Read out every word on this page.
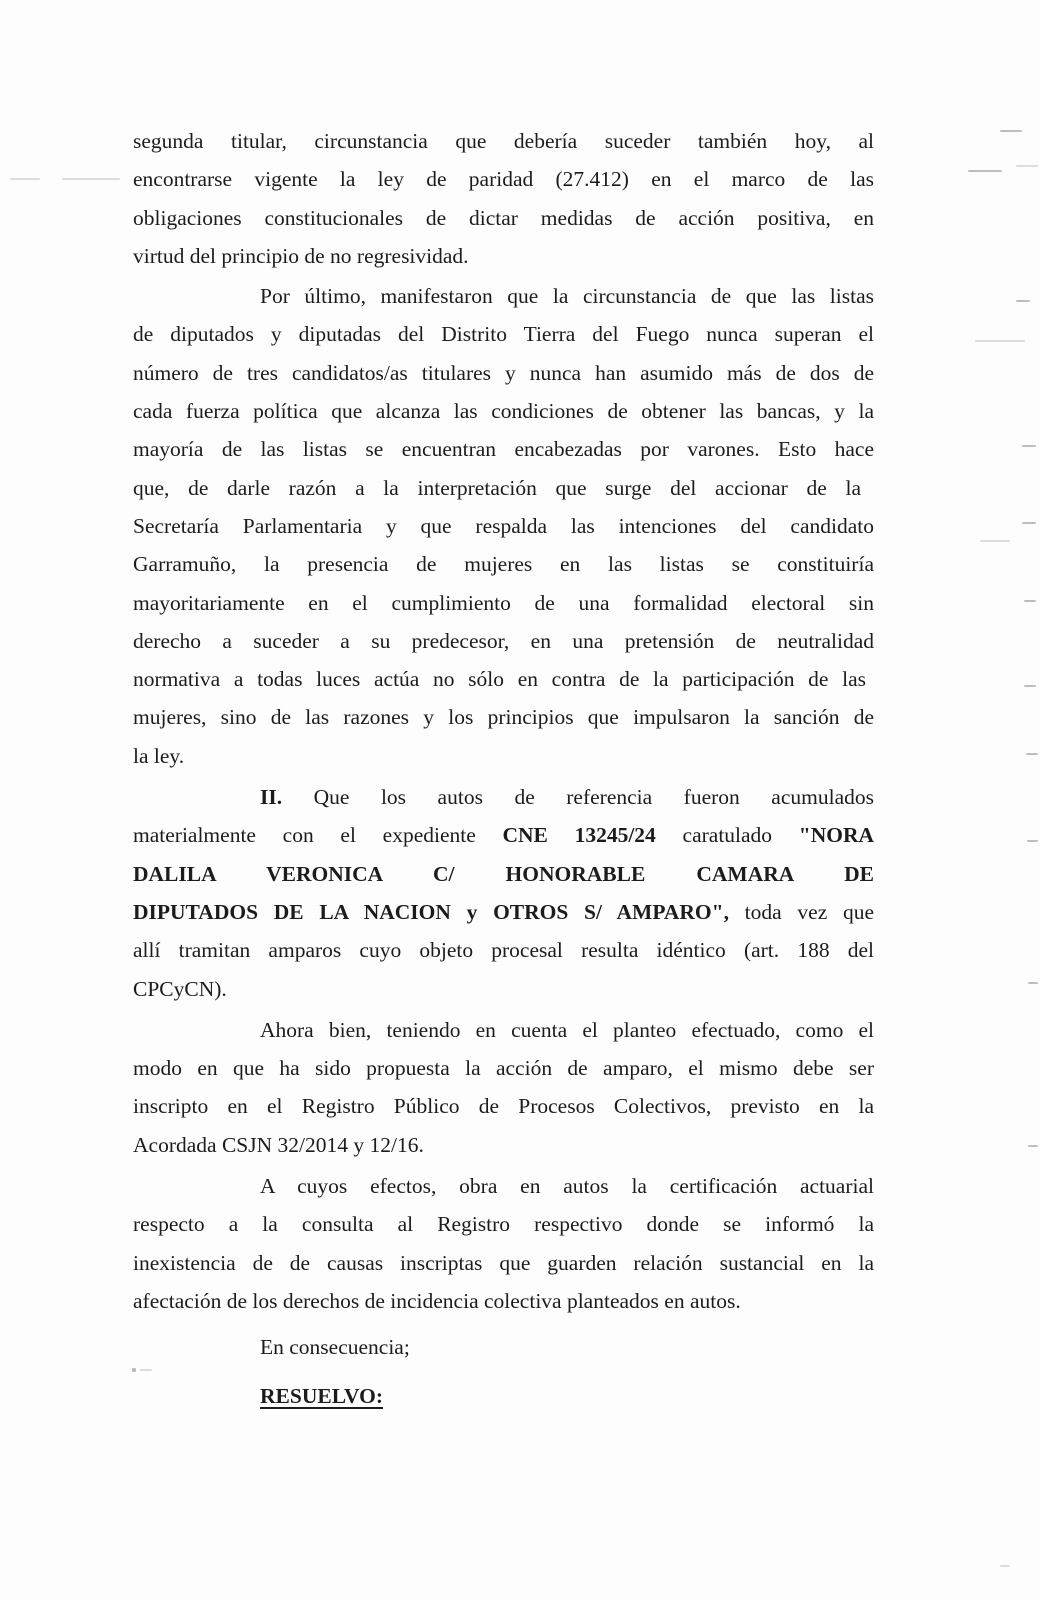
segunda titular, circunstancia que debería suceder también hoy, al
encontrarse vigente la ley de paridad (27.412) en el marco de las
obligaciones constitucionales de dictar medidas de acción positiva, en
virtud del principio de no regresividad.
Por último, manifestaron que la circunstancia de que las listas
de diputados y diputadas del Distrito Tierra del Fuego nunca superan el
número de tres candidatos/as titulares y nunca han asumido más de dos de
cada fuerza política que alcanza las condiciones de obtener las bancas, y la
mayoría de las listas se encuentran encabezadas por varones. Esto hace
que, de darle razón a la interpretación que surge del accionar de la
Secretaría Parlamentaria y que respalda las intenciones del candidato
Garramuño, la presencia de mujeres en las listas se constituiría
mayoritariamente en el cumplimiento de una formalidad electoral sin
derecho a suceder a su predecesor, en una pretensión de neutralidad
normativa a todas luces actúa no sólo en contra de la participación de las
mujeres, sino de las razones y los principios que impulsaron la sanción de
la ley.
II. Que los autos de referencia fueron acumulados
materialmente con el expediente CNE 13245/24 caratulado "NORA
DALILA VERONICA C/ HONORABLE CAMARA DE
DIPUTADOS DE LA NACION y OTROS S/ AMPARO", toda vez que
allí tramitan amparos cuyo objeto procesal resulta idéntico (art. 188 del
CPCyCN).
Ahora bien, teniendo en cuenta el planteo efectuado, como el
modo en que ha sido propuesta la acción de amparo, el mismo debe ser
inscripto en el Registro Público de Procesos Colectivos, previsto en la
Acordada CSJN 32/2014 y 12/16.
A cuyos efectos, obra en autos la certificación actuarial
respecto a la consulta al Registro respectivo donde se informó la
inexistencia de de causas inscriptas que guarden relación sustancial en la
afectación de los derechos de incidencia colectiva planteados en autos.
En consecuencia;
RESUELVO:
